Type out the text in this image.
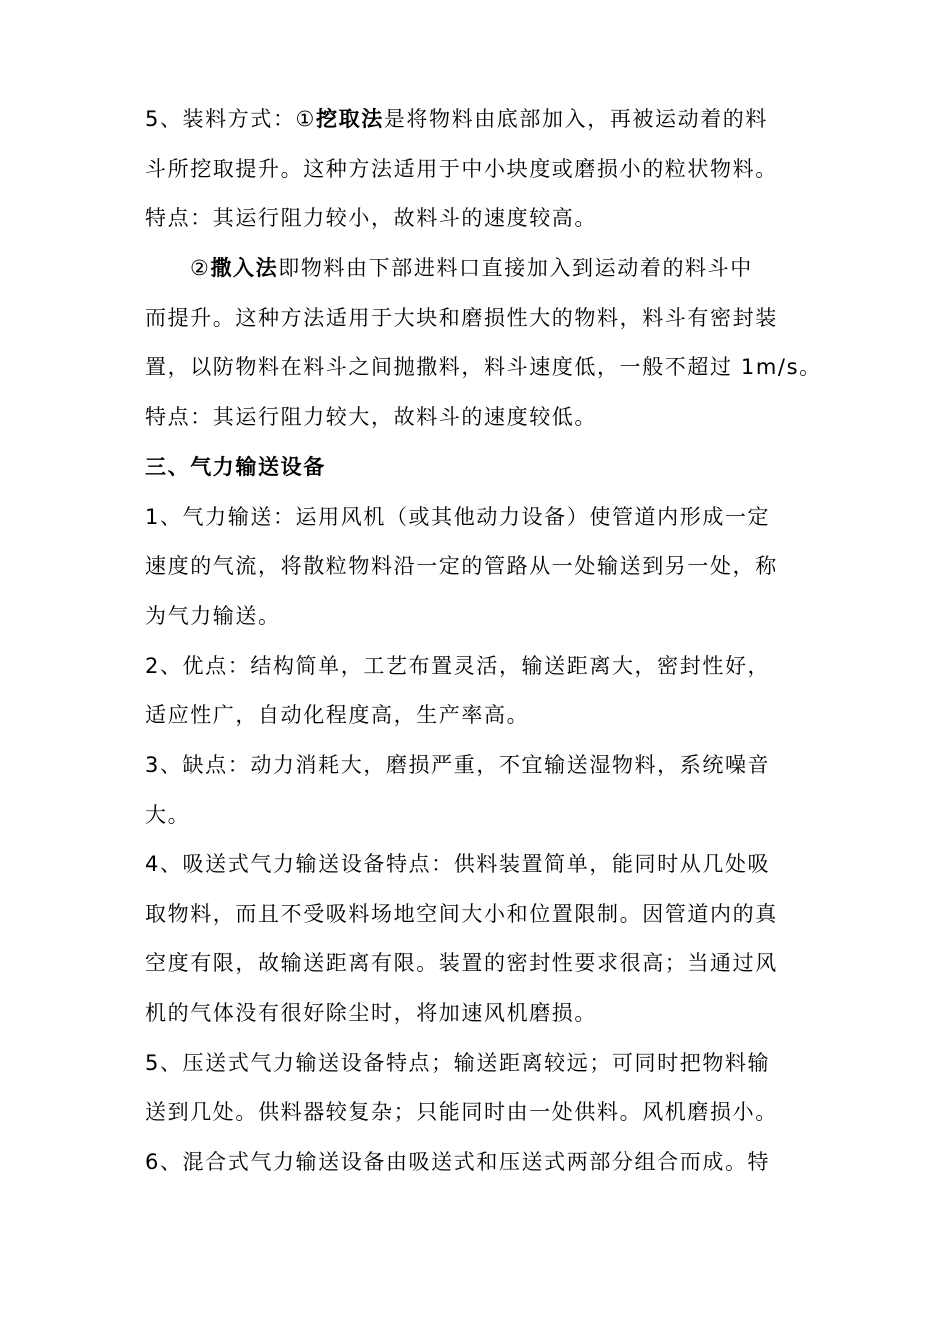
5、装料方式：①挖取法是将物料由底部加入，再被运动着的料
斗所挖取提升。这种方法适用于中小块度或磨损小的粒状物料。
特点：其运行阻力较小，故料斗的速度较高。
②撒入法即物料由下部进料口直接加入到运动着的料斗中
而提升。这种方法适用于大块和磨损性大的物料，料斗有密封装
置，以防物料在料斗之间抛撒料，料斗速度低，一般不超过 1m/s。
特点：其运行阻力较大，故料斗的速度较低。
三、气力输送设备
1、气力输送：运用风机（或其他动力设备）使管道内形成一定
速度的气流，将散粒物料沿一定的管路从一处输送到另一处，称
为气力输送。
2、优点：结构简单，工艺布置灵活，输送距离大，密封性好，
适应性广，自动化程度高，生产率高。
3、缺点：动力消耗大，磨损严重，不宜输送湿物料，系统噪音
大。
4、吸送式气力输送设备特点：供料装置简单，能同时从几处吸
取物料，而且不受吸料场地空间大小和位置限制。因管道内的真
空度有限，故输送距离有限。装置的密封性要求很高；当通过风
机的气体没有很好除尘时，将加速风机磨损。
5、压送式气力输送设备特点；输送距离较远；可同时把物料输
送到几处。供料器较复杂；只能同时由一处供料。风机磨损小。
6、混合式气力输送设备由吸送式和压送式两部分组合而成。特
